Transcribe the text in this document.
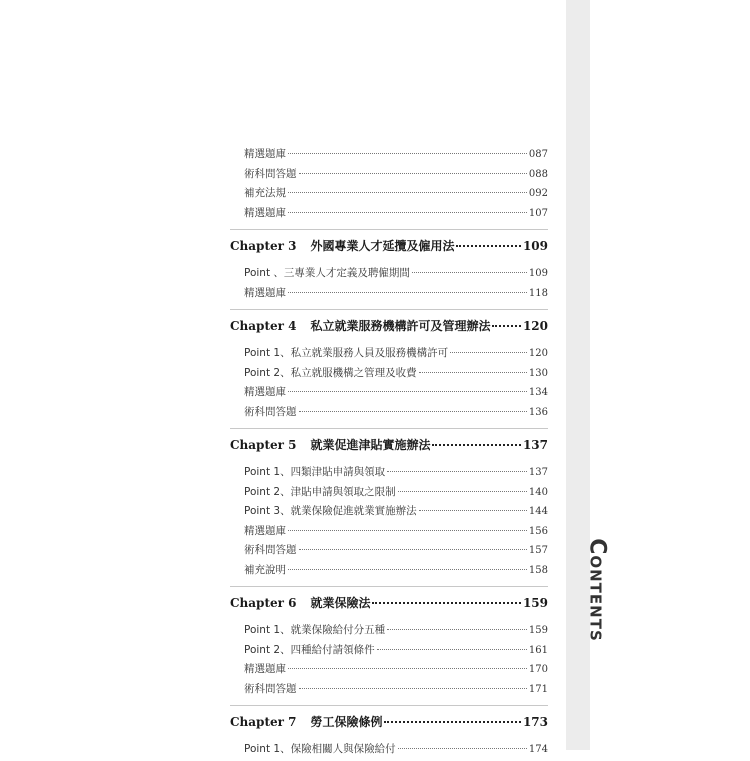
精選題庫	087
術科問答題	088
補充法規	092
精選題庫	107
Chapter 3 外國專業人才延攬及僱用法	109
Point 、三專業人才定義及聘僱期間	109
精選題庫	118
Chapter 4 私立就業服務機構許可及管理辦法	120
Point 1、私立就業服務人員及服務機構許可	120
Point 2、私立就服機構之管理及收費	130
精選題庫	134
術科問答題	136
Chapter 5 就業促進津貼實施辦法	137
Point 1、四類津貼申請與領取	137
Point 2、津貼申請與領取之限制	140
Point 3、就業保險促進就業實施辦法	144
精選題庫	156
術科問答題	157
補充說明	158
Chapter 6 就業保險法	159
Point 1、就業保險給付分五種	159
Point 2、四種給付請領條件	161
精選題庫	170
術科問答題	171
Chapter 7 勞工保險條例	173
Point 1、保險相關人與保險給付	174
Contents
